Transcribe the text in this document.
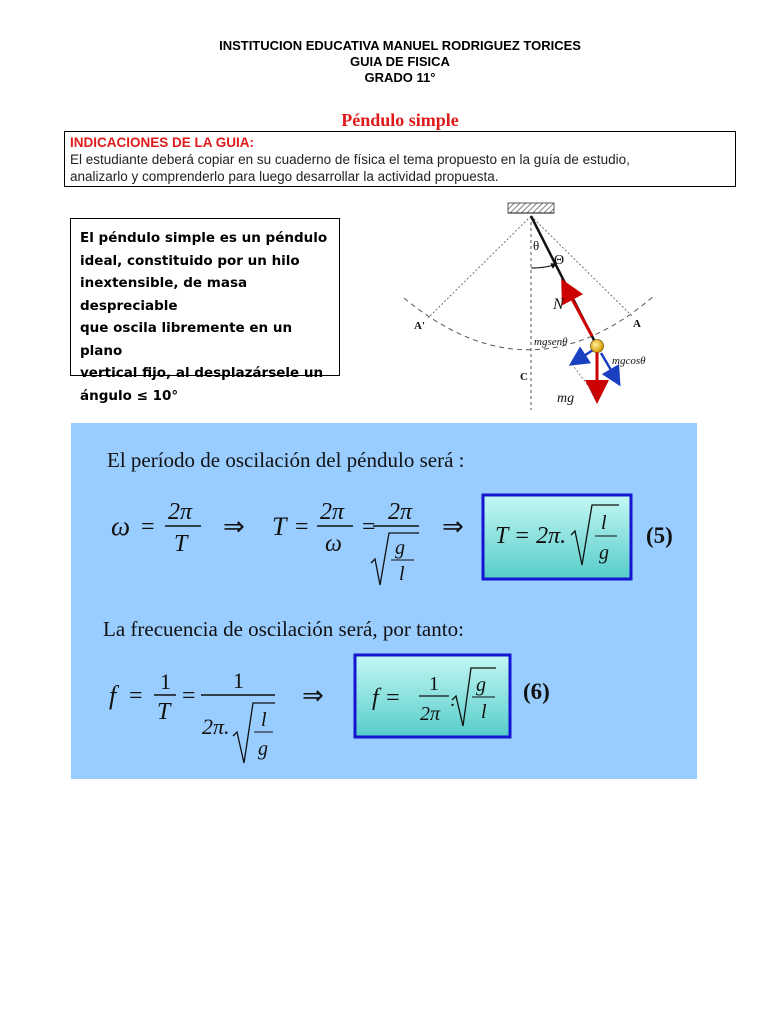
INSTITUCION EDUCATIVA MANUEL RODRIGUEZ TORICES
GUIA DE FISICA
GRADO 11°
Péndulo simple
INDICACIONES DE LA GUIA:
El estudiante deberá copiar en su cuaderno de física el tema propuesto en la guía de estudio,
analizarlo y comprenderlo para luego desarrollar la actividad propuesta.
El péndulo simple es un péndulo
ideal, constituido por un hilo
inextensible, de masa despreciable
que oscila libremente en un plano
vertical fijo, al desplazársele un
ángulo ≤ 10°
θ
Θ
N
A'	A
C
mgsenθ
mgcosθ
mg
El período de oscilación del péndulo será :
ω =
2π
T
⇒ T =
2π
ω
=
2π
g
l
⇒ T = 2π. l
g
(5)
La frecuencia de oscilación será, por tanto:
f =
1
T
=
1
2π. l
g
⇒ f =
1
2π
.
g
l
(6)
